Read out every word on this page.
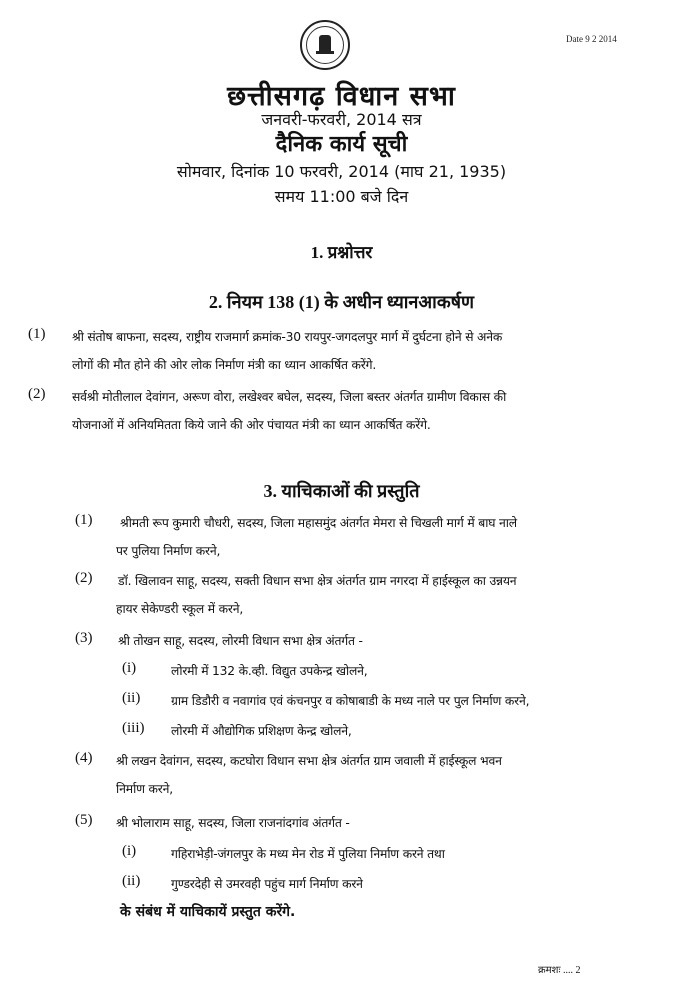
Date 9 2 2014
छत्तीसगढ़ विधान सभा
जनवरी-फरवरी, 2014 सत्र
दैनिक कार्य सूची
सोमवार, दिनांक 10 फरवरी, 2014 (माघ 21, 1935)
समय 11:00 बजे दिन
1. प्रश्नोत्तर
2. नियम 138 (1) के अधीन ध्यानआकर्षण
(1) श्री संतोष बाफना, सदस्य, राष्ट्रीय राजमार्ग क्रमांक-30 रायपुर-जगदलपुर मार्ग में दुर्घटना होने से अनेक
लोगों की मौत होने की ओर लोक निर्माण मंत्री का ध्यान आकर्षित करेंगे.
(2) सर्वश्री मोतीलाल देवांगन, अरूण वोरा, लखेश्वर बघेल, सदस्य, जिला बस्तर अंतर्गत ग्रामीण विकास की
योजनाओं में अनियमितता किये जाने की ओर पंचायत मंत्री का ध्यान आकर्षित करेंगे.
3. याचिकाओं की प्रस्तुति
(1) श्रीमती रूप कुमारी चौधरी, सदस्य, जिला महासमुंद अंतर्गत मेमरा से चिखली मार्ग में बाघ नाले
पर पुलिया निर्माण करने,
(2) डॉ. खिलावन साहू, सदस्य, सक्ती विधान सभा क्षेत्र अंतर्गत ग्राम नगरदा में हाईस्कूल का उन्नयन
हायर सेकेण्डरी स्कूल में करने,
(3) श्री तोखन साहू, सदस्य, लोरमी विधान सभा क्षेत्र अंतर्गत -
(i)	लोरमी में 132 के.व्ही. विद्युत उपकेन्द्र खोलने,
(ii) ग्राम डिडौरी व नवागांव एवं कंचनपुर व कोषाबाडी के मध्य नाले पर पुल निर्माण करने,
(iii) लोरमी में औद्योगिक प्रशिक्षण केन्द्र खोलने,
(4) श्री लखन देवांगन, सदस्य, कटघोरा विधान सभा क्षेत्र अंतर्गत ग्राम जवाली में हाईस्कूल भवन
निर्माण करने,
(5) श्री भोलाराम साहू, सदस्य, जिला राजनांदगांव अंतर्गत -
(i)	गहिराभेड़ी-जंगलपुर के मध्य मेन रोड में पुलिया निर्माण करने तथा
(ii) गुण्डरदेही से उमरवही पहुंच मार्ग निर्माण करने
के संबंध में याचिकायें प्रस्तुत करेंगे.
क्रमशः .... 2
